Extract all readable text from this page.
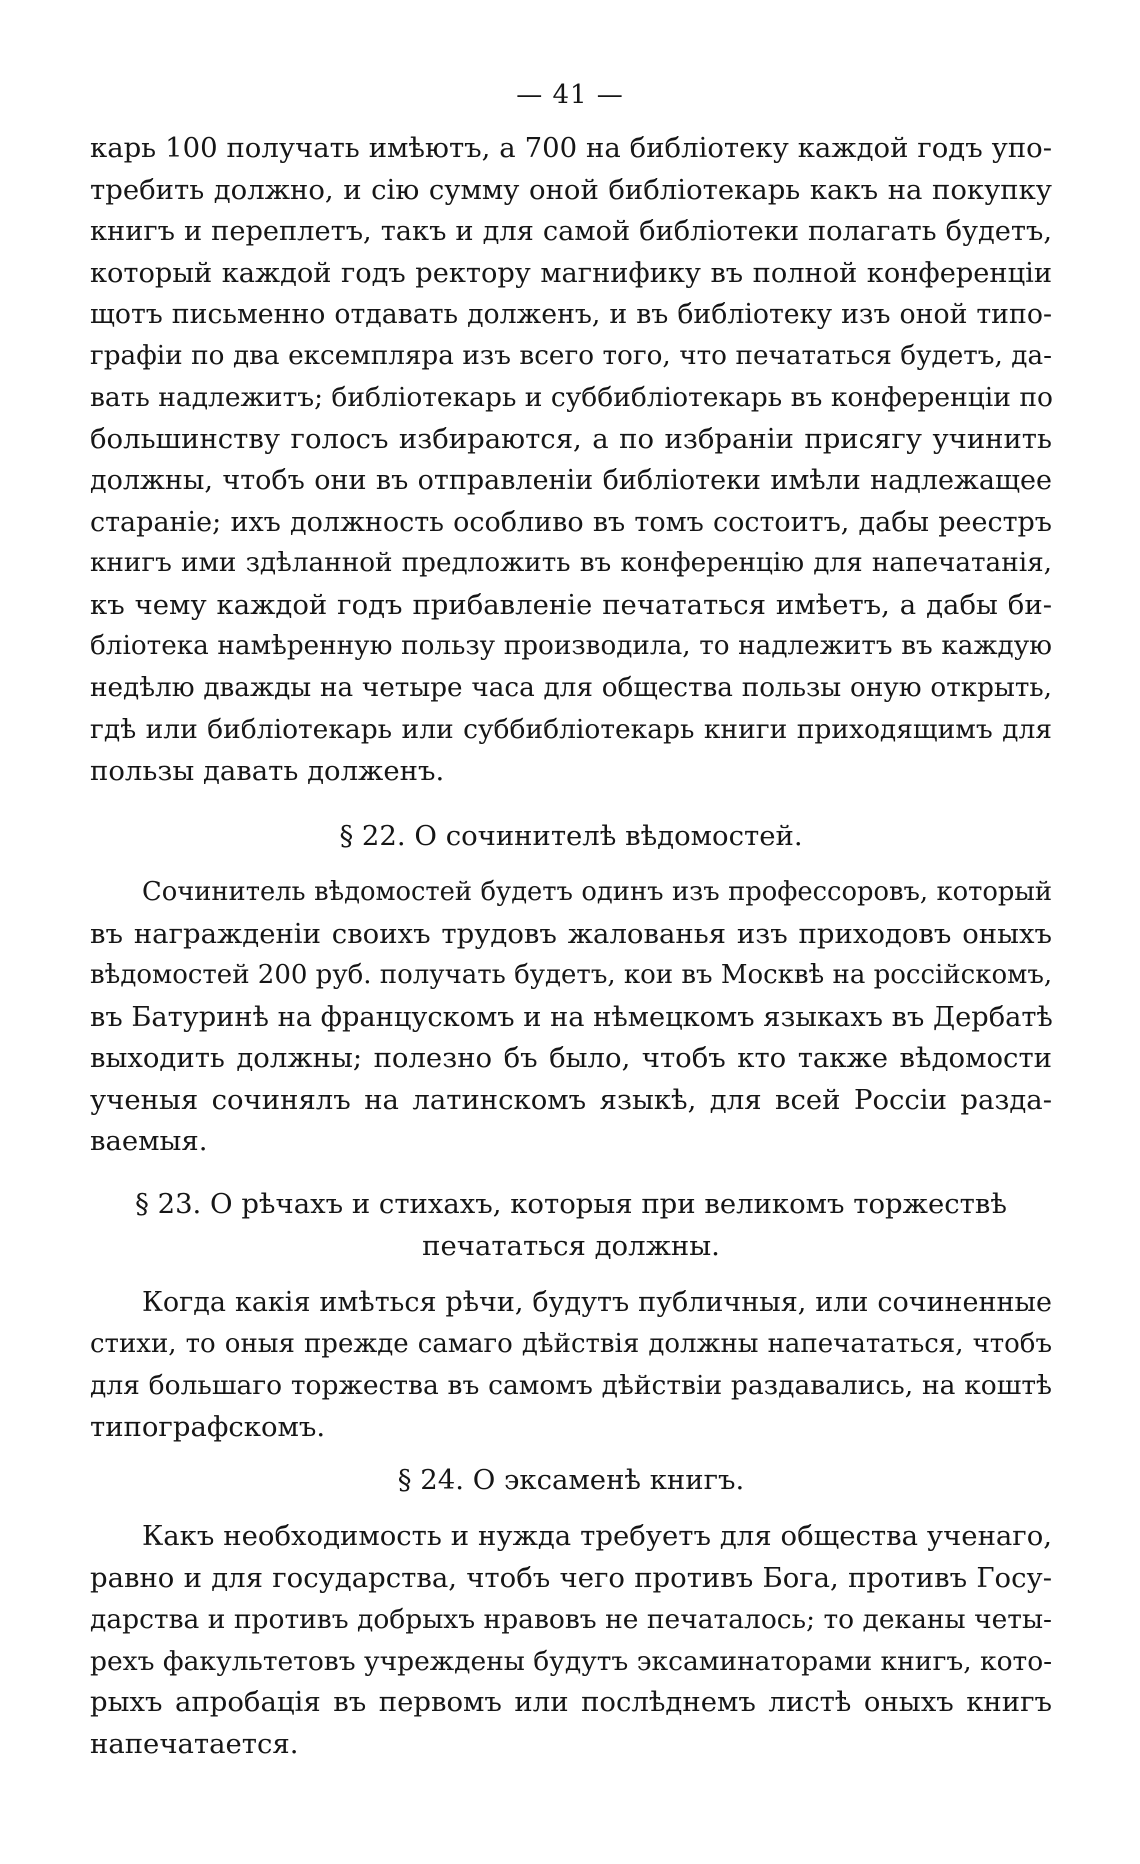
— 41 —
карь 100 получать имѣютъ, а 700 на библіотеку каждой годъ упо-
требить должно, и сію сумму оной библіотекарь какъ на покупку
книгъ и переплетъ, такъ и для самой библіотеки полагать будетъ,
который каждой годъ ректору магнифику въ полной конференціи
щотъ письменно отдавать долженъ, и въ библіотеку изъ оной типо-
графіи по два ексемпляра изъ всего того, что печататься будетъ, да-
вать надлежитъ; библіотекарь и суббибліотекарь въ конференціи по
большинству голосъ избираются, а по избраніи присягу учинить
должны, чтобъ они въ отправленіи библіотеки имѣли надлежащее
стараніе; ихъ должность особливо въ томъ состоитъ, дабы реестръ
книгъ ими здѣланной предложить въ конференцію для напечатанія,
къ чему каждой годъ прибавленіе печататься имѣетъ, а дабы би-
бліотека намѣренную пользу производила, то надлежитъ въ каждую
недѣлю дважды на четыре часа для общества пользы оную открыть,
гдѣ или библіотекарь или суббибліотекарь книги приходящимъ для
пользы давать долженъ.
§ 22. О сочинителѣ вѣдомостей.
Сочинитель вѣдомостей будетъ одинъ изъ профессоровъ, который
въ награжденіи своихъ трудовъ жалованья изъ приходовъ оныхъ
вѣдомостей 200 руб. получать будетъ, кои въ Москвѣ на россійскомъ,
въ Батуринѣ на француcкомъ и на нѣмецкомъ языкахъ въ Дербатѣ
выходить должны; полезно бъ было, чтобъ кто также вѣдомости
ученыя сочинялъ на латинскомъ языкѣ, для всей Россіи разда-
ваемыя.
§ 23. О рѣчахъ и стихахъ, которыя при великомъ торжествѣ
печататься должны.
Когда какія имѣться рѣчи, будутъ публичныя, или сочиненные
стихи, то оныя прежде самаго дѣйствія должны напечататься, чтобъ
для большаго торжества въ самомъ дѣйствіи раздавались, на коштѣ
типографскомъ.
§ 24. О эксаменѣ книгъ.
Какъ необходимость и нужда требуетъ для общества ученаго,
равно и для государства, чтобъ чего противъ Бога, противъ Госу-
дарства и противъ добрыхъ нравовъ не печаталось; то деканы четы-
рехъ факультетовъ учреждены будутъ эксаминаторами книгъ, кото-
рыхъ апробація въ первомъ или послѣднемъ листѣ оныхъ книгъ
напечатается.
